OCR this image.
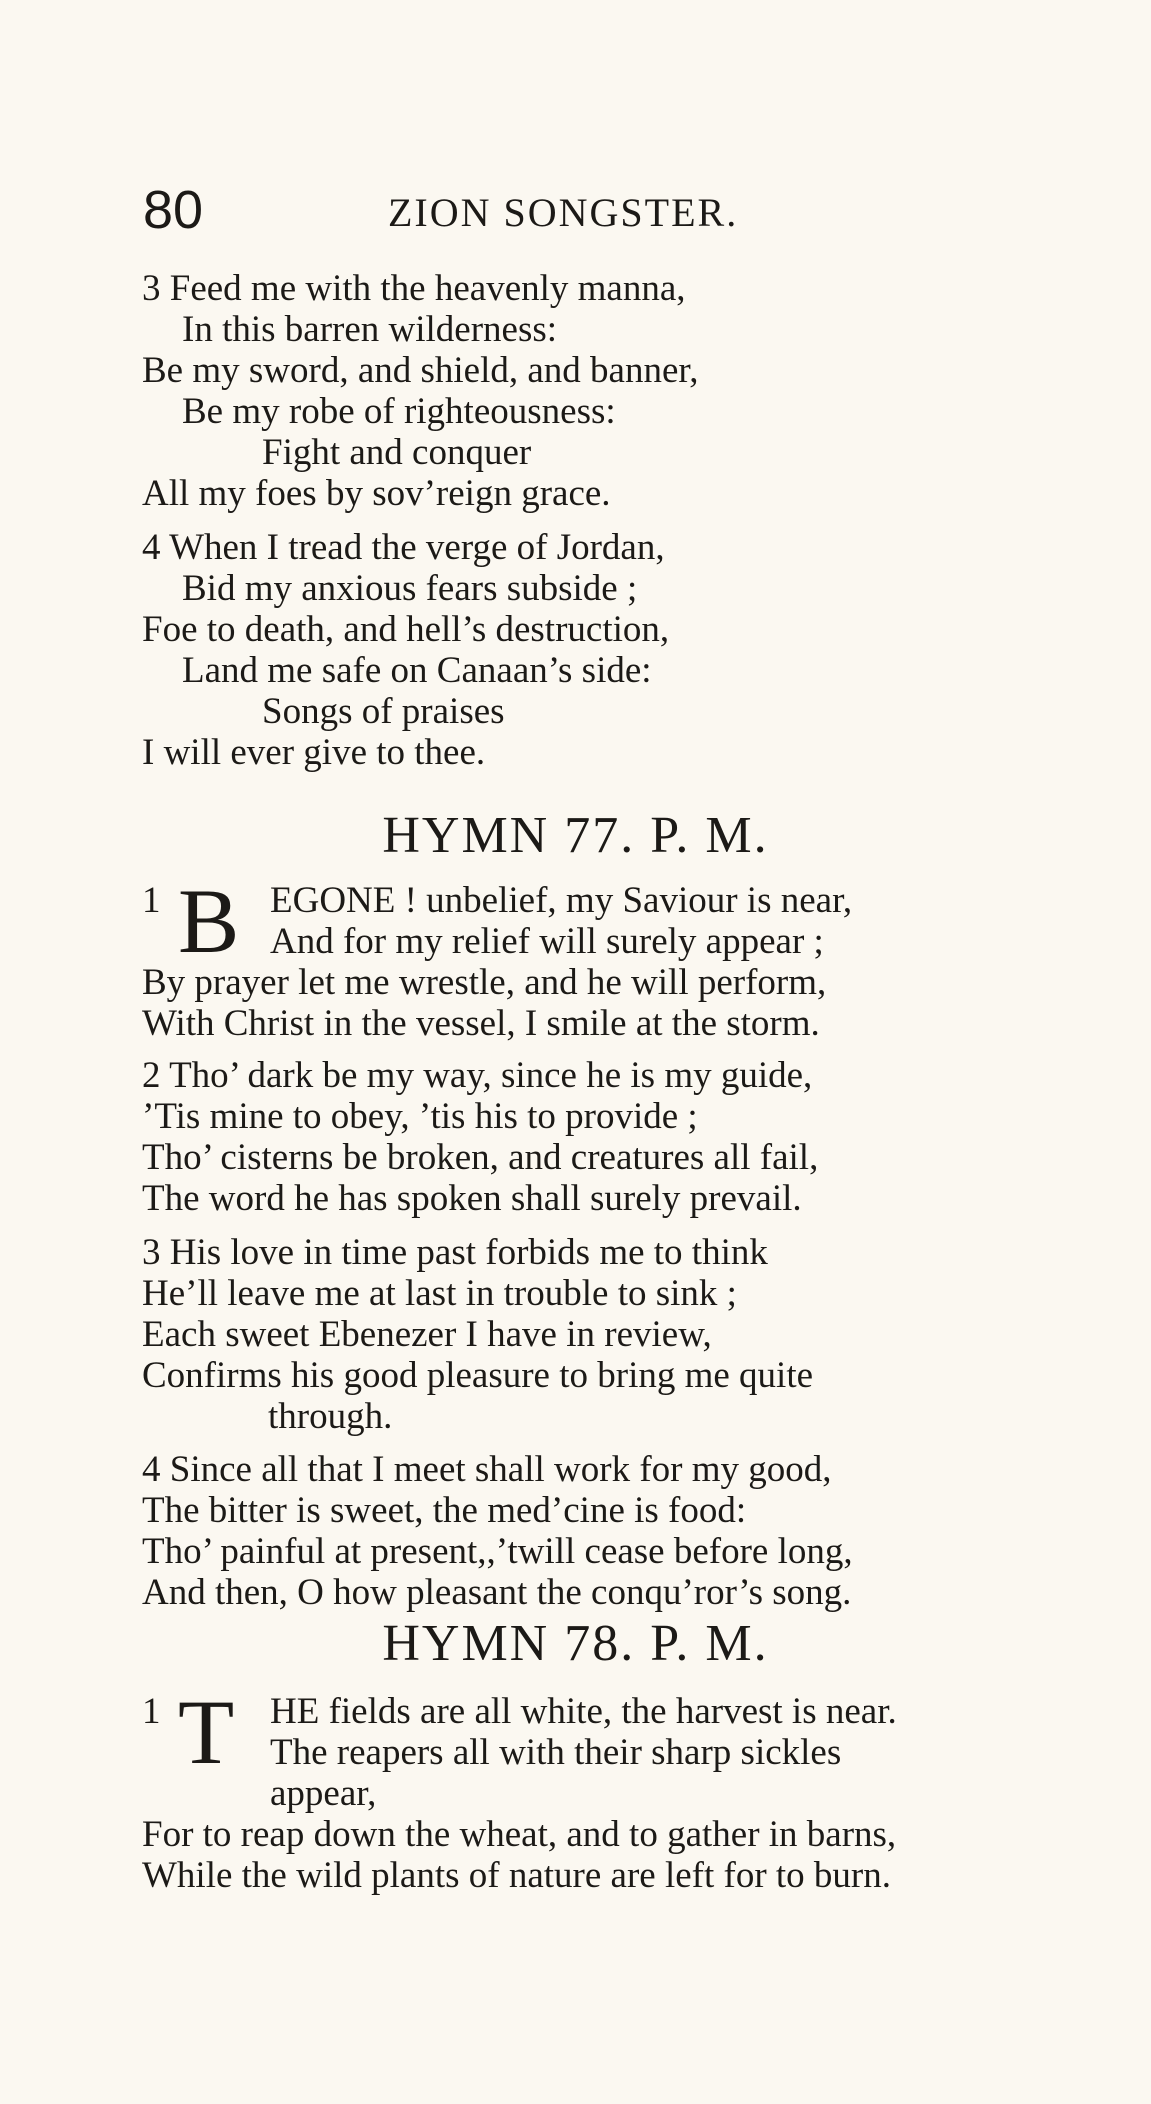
80	ZION SONGSTER.
3 Feed me with the heavenly manna,
In this barren wilderness:
Be my sword, and shield, and banner,
Be my robe of righteousness:
Fight and conquer
All my foes by sov’reign grace.
4 When I tread the verge of Jordan,
Bid my anxious fears subside ;
Foe to death, and hell’s destruction,
Land me safe on Canaan’s side:
Songs of praises
I will ever give to thee.
HYMN 77. P. M.
1 B EGONE ! unbelief, my Saviour is near,
And for my relief will surely appear ;
By prayer let me wrestle, and he will perform,
With Christ in the vessel, I smile at the storm.
2 Tho’ dark be my way, since he is my guide,
’Tis mine to obey, ’tis his to provide ;
Tho’ cisterns be broken, and creatures all fail,
The word he has spoken shall surely prevail.
3 His love in time past forbids me to think
He’ll leave me at last in trouble to sink ;
Each sweet Ebenezer I have in review,
Confirms his good pleasure to bring me quite
through.
4 Since all that I meet shall work for my good,
The bitter is sweet, the med’cine is food:
Tho’ painful at present,,’twill cease before long,
And then, O how pleasant the conqu’ror’s song.
HYMN 78. P. M.
1 T HE fields are all white, the harvest is near.
The reapers all with their sharp sickles
appear,
For to reap down the wheat, and to gather in barns,
While the wild plants of nature are left for to burn.
